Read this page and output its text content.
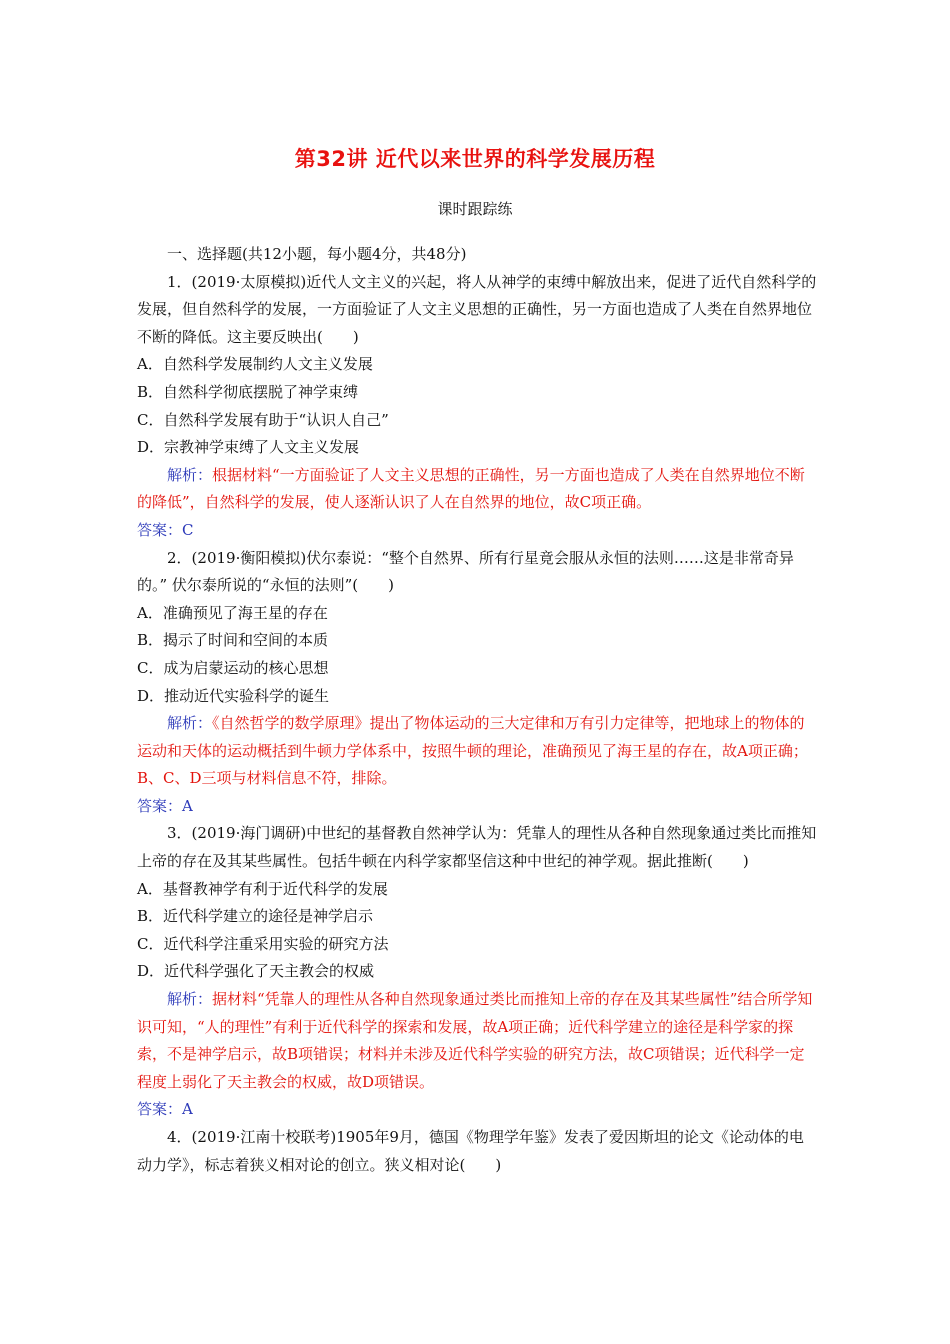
第32讲 近代以来世界的科学发展历程
课时跟踪练

一、选择题(共12小题，每小题4分，共48分)

1．(2019·太原模拟)近代人文主义的兴起，将人从神学的束缚中解放出来，促进了近代自然科学的发展，但自然科学的发展，一方面验证了人文主义思想的正确性，另一方面也造成了人类在自然界地位不断的降低。这主要反映出(　　)

A．自然科学发展制约人文主义发展

B．自然科学彻底摆脱了神学束缚

C．自然科学发展有助于“认识人自己”

D．宗教神学束缚了人文主义发展

解析：根据材料“一方面验证了人文主义思想的正确性，另一方面也造成了人类在自然界地位不断的降低”，自然科学的发展，使人逐渐认识了人在自然界的地位，故C项正确。

答案：C

2．(2019·衡阳模拟)伏尔泰说：“整个自然界、所有行星竟会服从永恒的法则……这是非常奇异的。” 伏尔泰所说的“永恒的法则”(　　)

A．准确预见了海王星的存在

B．揭示了时间和空间的本质

C．成为启蒙运动的核心思想

D．推动近代实验科学的诞生

解析：《自然哲学的数学原理》提出了物体运动的三大定律和万有引力定律等，把地球上的物体的运动和天体的运动概括到牛顿力学体系中，按照牛顿的理论，准确预见了海王星的存在，故A项正确；B、C、D三项与材料信息不符，排除。

答案：A

3．(2019·海门调研)中世纪的基督教自然神学认为：凭靠人的理性从各种自然现象通过类比而推知上帝的存在及其某些属性。包括牛顿在内科学家都坚信这种中世纪的神学观。据此推断(　　)

A．基督教神学有利于近代科学的发展

B．近代科学建立的途径是神学启示

C．近代科学注重采用实验的研究方法

D．近代科学强化了天主教会的权威

解析：据材料“凭靠人的理性从各种自然现象通过类比而推知上帝的存在及其某些属性”结合所学知识可知，“人的理性”有利于近代科学的探索和发展，故A项正确；近代科学建立的途径是科学家的探索，不是神学启示，故B项错误；材料并未涉及近代科学实验的研究方法，故C项错误；近代科学一定程度上弱化了天主教会的权威，故D项错误。

答案：A

4．(2019·江南十校联考)1905年9月，德国《物理学年鉴》发表了爱因斯坦的论文《论动体的电动力学》，标志着狭义相对论的创立。狭义相对论(　　)
